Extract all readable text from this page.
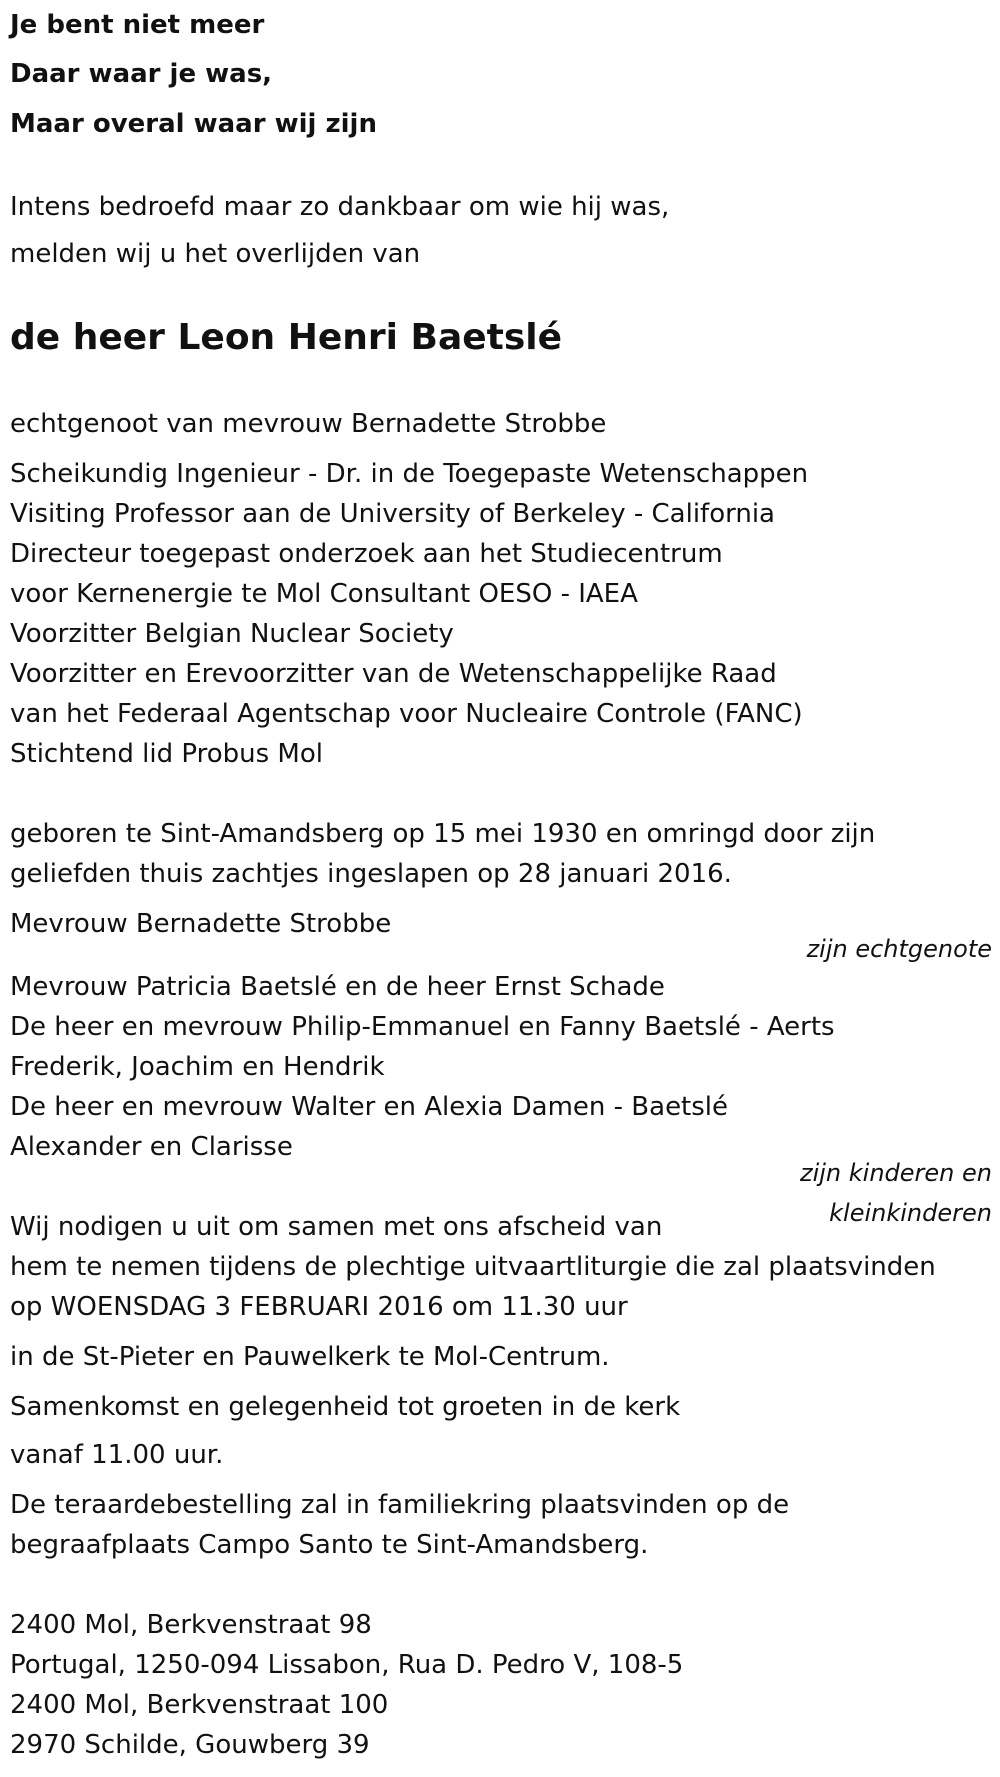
Je bent niet meer
Daar waar je was,
Maar overal waar wij zijn
Intens bedroefd maar zo dankbaar om wie hij was,
melden wij u het overlijden van
de heer Leon Henri Baetslé
echtgenoot van mevrouw Bernadette Strobbe
Scheikundig Ingenieur - Dr. in de Toegepaste Wetenschappen
Visiting Professor aan de University of Berkeley - California
Directeur toegepast onderzoek aan het Studiecentrum
voor Kernenergie te Mol Consultant OESO - IAEA
Voorzitter Belgian Nuclear Society
Voorzitter en Erevoorzitter van de Wetenschappelijke Raad
van het Federaal Agentschap voor Nucleaire Controle (FANC)
Stichtend lid Probus Mol
geboren te Sint-Amandsberg op 15 mei 1930 en omringd door zijn
geliefden thuis zachtjes ingeslapen op 28 januari 2016.
Mevrouw Bernadette Strobbe
zijn echtgenote
Mevrouw Patricia Baetslé en de heer Ernst Schade
De heer en mevrouw Philip-Emmanuel en Fanny Baetslé - Aerts
Frederik, Joachim en Hendrik
De heer en mevrouw Walter en Alexia Damen - Baetslé
Alexander en Clarisse
zijn kinderen en
kleinkinderen
Wij nodigen u uit om samen met ons afscheid van
hem te nemen tijdens de plechtige uitvaartliturgie die zal plaatsvinden
op WOENSDAG 3 FEBRUARI 2016 om 11.30 uur
in de St-Pieter en Pauwelkerk te Mol-Centrum.
Samenkomst en gelegenheid tot groeten in de kerk
vanaf 11.00 uur.
De teraardebestelling zal in familiekring plaatsvinden op de
begraafplaats Campo Santo te Sint-Amandsberg.
2400 Mol, Berkvenstraat 98
Portugal, 1250-094 Lissabon, Rua D. Pedro V, 108-5
2400 Mol, Berkvenstraat 100
2970 Schilde, Gouwberg 39
